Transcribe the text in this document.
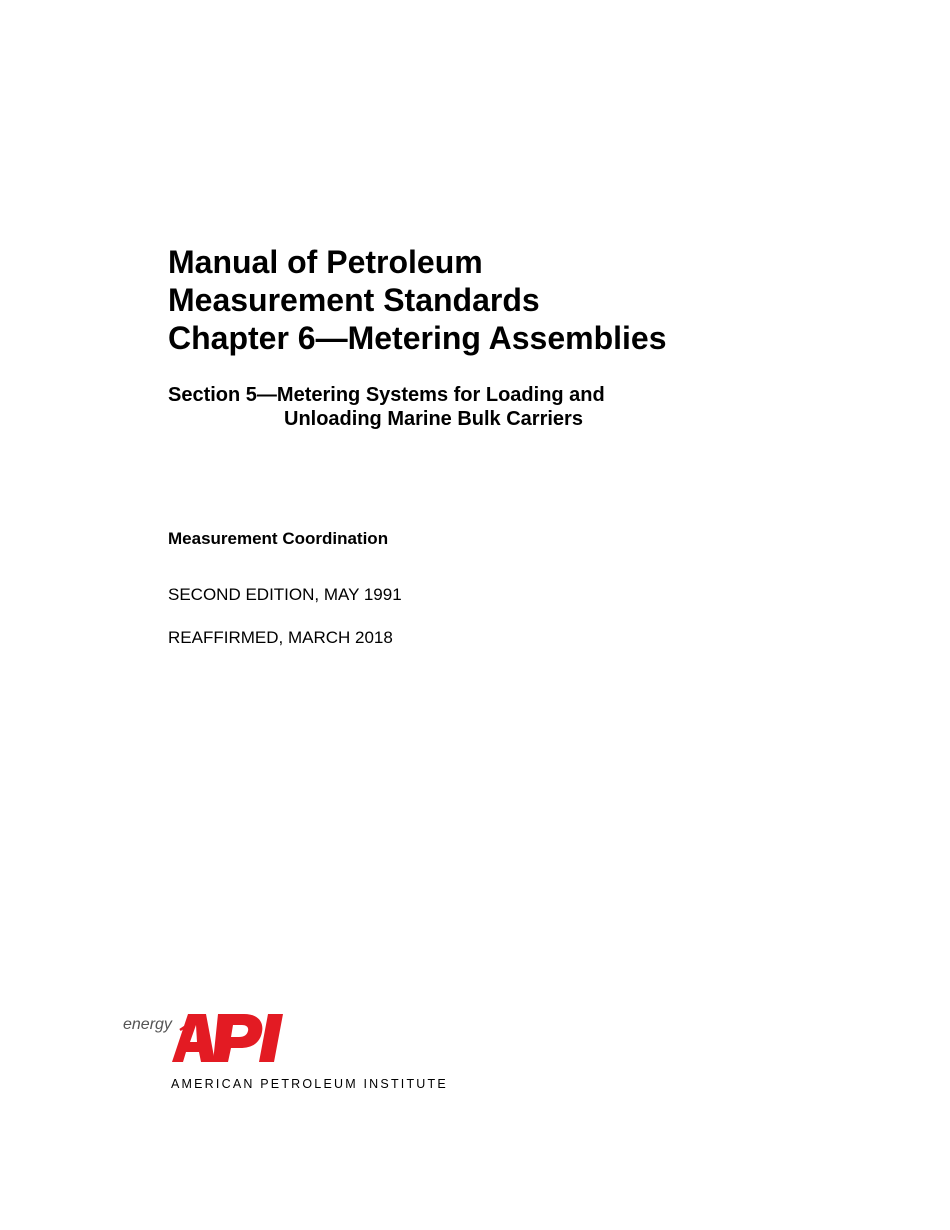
Manual of Petroleum
Measurement Standards
Chapter 6—Metering Assemblies
Section 5—Metering Systems for Loading and
Unloading Marine Bulk Carriers
Measurement Coordination
SECOND EDITION, MAY 1991
REAFFIRMED, MARCH 2018
energy
®
AMERICAN PETROLEUM INSTITUTE
